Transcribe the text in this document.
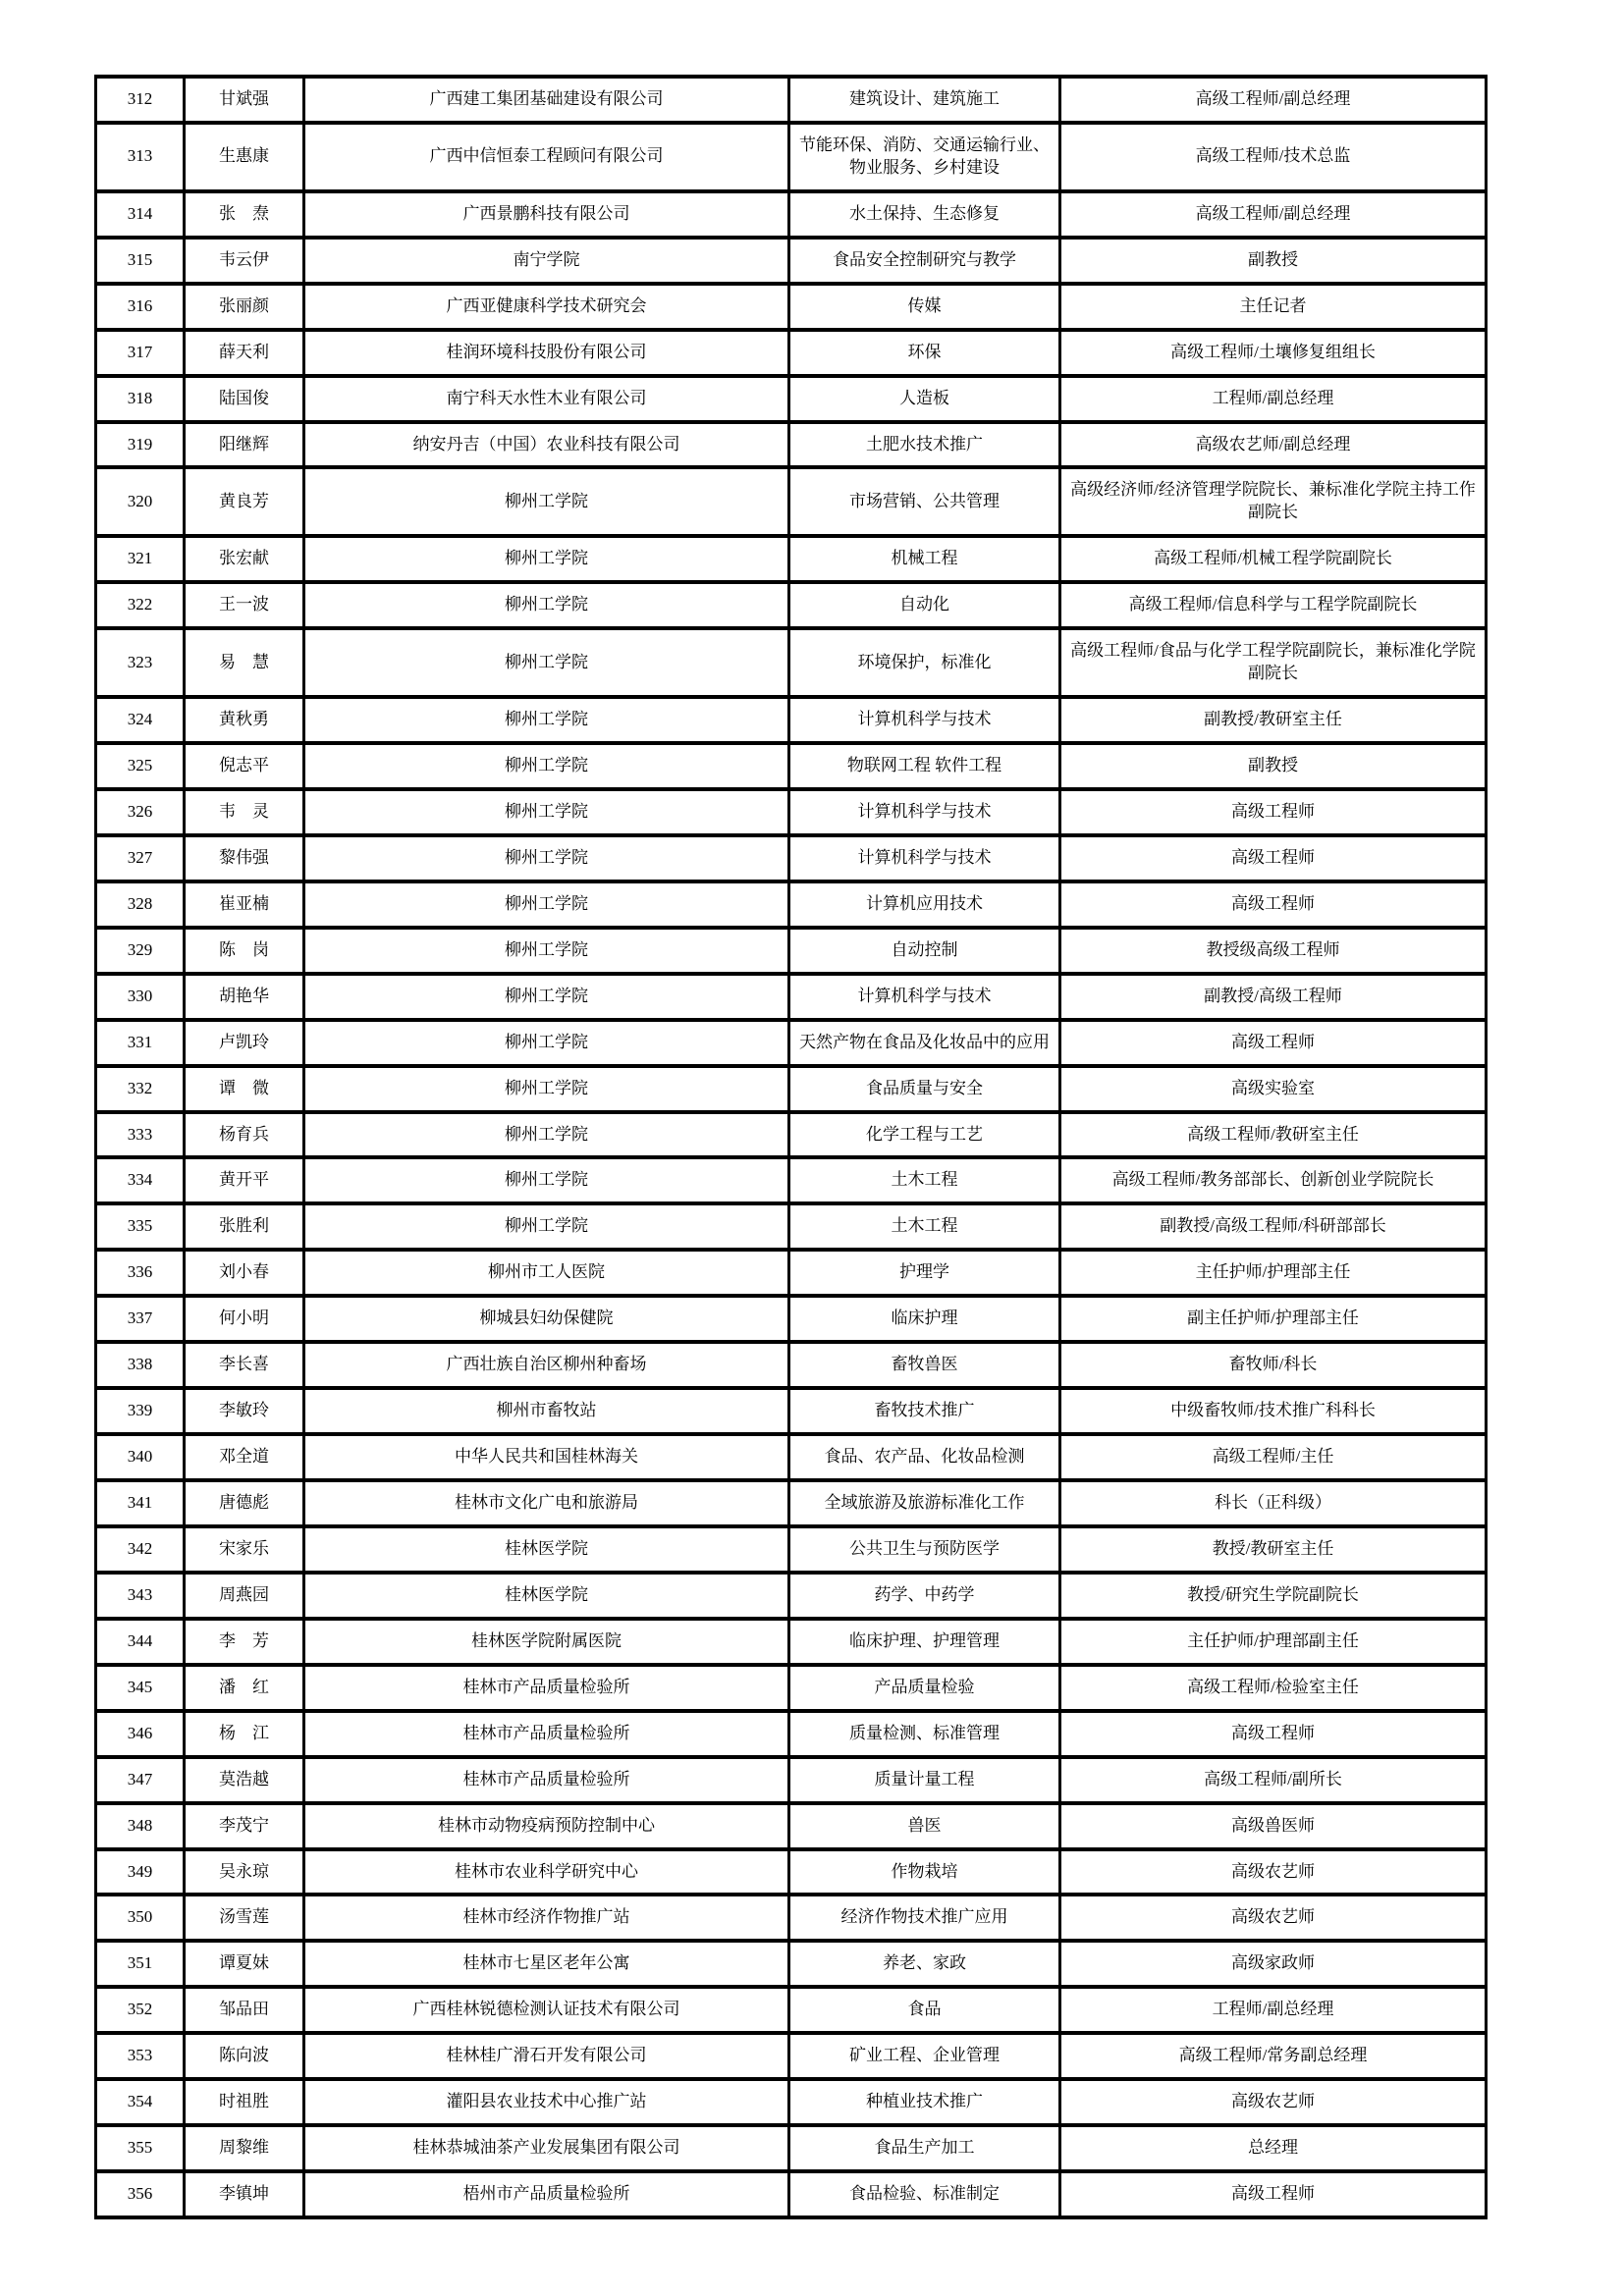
312	甘斌强	广西建工集团基础建设有限公司	建筑设计、建筑施工	高级工程师/副总经理
313	生惠康	广西中信恒泰工程顾问有限公司	节能环保、消防、交通运输行业、物业服务、乡村建设	高级工程师/技术总监
314	张　焘	广西景鹏科技有限公司	水土保持、生态修复	高级工程师/副总经理
315	韦云伊	南宁学院	食品安全控制研究与教学	副教授
316	张丽颜	广西亚健康科学技术研究会	传媒	主任记者
317	薛天利	桂润环境科技股份有限公司	环保	高级工程师/土壤修复组组长
318	陆国俊	南宁科天水性木业有限公司	人造板	工程师/副总经理
319	阳继辉	纳安丹吉（中国）农业科技有限公司	土肥水技术推广	高级农艺师/副总经理
320	黄良芳	柳州工学院	市场营销、公共管理	高级经济师/经济管理学院院长、兼标准化学院主持工作副院长
321	张宏献	柳州工学院	机械工程	高级工程师/机械工程学院副院长
322	王一波	柳州工学院	自动化	高级工程师/信息科学与工程学院副院长
323	易　慧	柳州工学院	环境保护，标准化	高级工程师/食品与化学工程学院副院长，兼标准化学院副院长
324	黄秋勇	柳州工学院	计算机科学与技术	副教授/教研室主任
325	倪志平	柳州工学院	物联网工程 软件工程	副教授
326	韦　灵	柳州工学院	计算机科学与技术	高级工程师
327	黎伟强	柳州工学院	计算机科学与技术	高级工程师
328	崔亚楠	柳州工学院	计算机应用技术	高级工程师
329	陈　岗	柳州工学院	自动控制	教授级高级工程师
330	胡艳华	柳州工学院	计算机科学与技术	副教授/高级工程师
331	卢凯玲	柳州工学院	天然产物在食品及化妆品中的应用	高级工程师
332	谭　微	柳州工学院	食品质量与安全	高级实验室
333	杨育兵	柳州工学院	化学工程与工艺	高级工程师/教研室主任
334	黄开平	柳州工学院	土木工程	高级工程师/教务部部长、创新创业学院院长
335	张胜利	柳州工学院	土木工程	副教授/高级工程师/科研部部长
336	刘小春	柳州市工人医院	护理学	主任护师/护理部主任
337	何小明	柳城县妇幼保健院	临床护理	副主任护师/护理部主任
338	李长喜	广西壮族自治区柳州种畜场	畜牧兽医	畜牧师/科长
339	李敏玲	柳州市畜牧站	畜牧技术推广	中级畜牧师/技术推广科科长
340	邓全道	中华人民共和国桂林海关	食品、农产品、化妆品检测	高级工程师/主任
341	唐德彪	桂林市文化广电和旅游局	全域旅游及旅游标准化工作	科长（正科级）
342	宋家乐	桂林医学院	公共卫生与预防医学	教授/教研室主任
343	周燕园	桂林医学院	药学、中药学	教授/研究生学院副院长
344	李　芳	桂林医学院附属医院	临床护理、护理管理	主任护师/护理部副主任
345	潘　红	桂林市产品质量检验所	产品质量检验	高级工程师/检验室主任
346	杨　江	桂林市产品质量检验所	质量检测、标准管理	高级工程师
347	莫浩越	桂林市产品质量检验所	质量计量工程	高级工程师/副所长
348	李茂宁	桂林市动物疫病预防控制中心	兽医	高级兽医师
349	吴永琼	桂林市农业科学研究中心	作物栽培	高级农艺师
350	汤雪莲	桂林市经济作物推广站	经济作物技术推广应用	高级农艺师
351	谭夏妹	桂林市七星区老年公寓	养老、家政	高级家政师
352	邹品田	广西桂林锐德检测认证技术有限公司	食品	工程师/副总经理
353	陈向波	桂林桂广滑石开发有限公司	矿业工程、企业管理	高级工程师/常务副总经理
354	时祖胜	灌阳县农业技术中心推广站	种植业技术推广	高级农艺师
355	周黎维	桂林恭城油茶产业发展集团有限公司	食品生产加工	总经理
356	李镇坤	梧州市产品质量检验所	食品检验、标准制定	高级工程师
